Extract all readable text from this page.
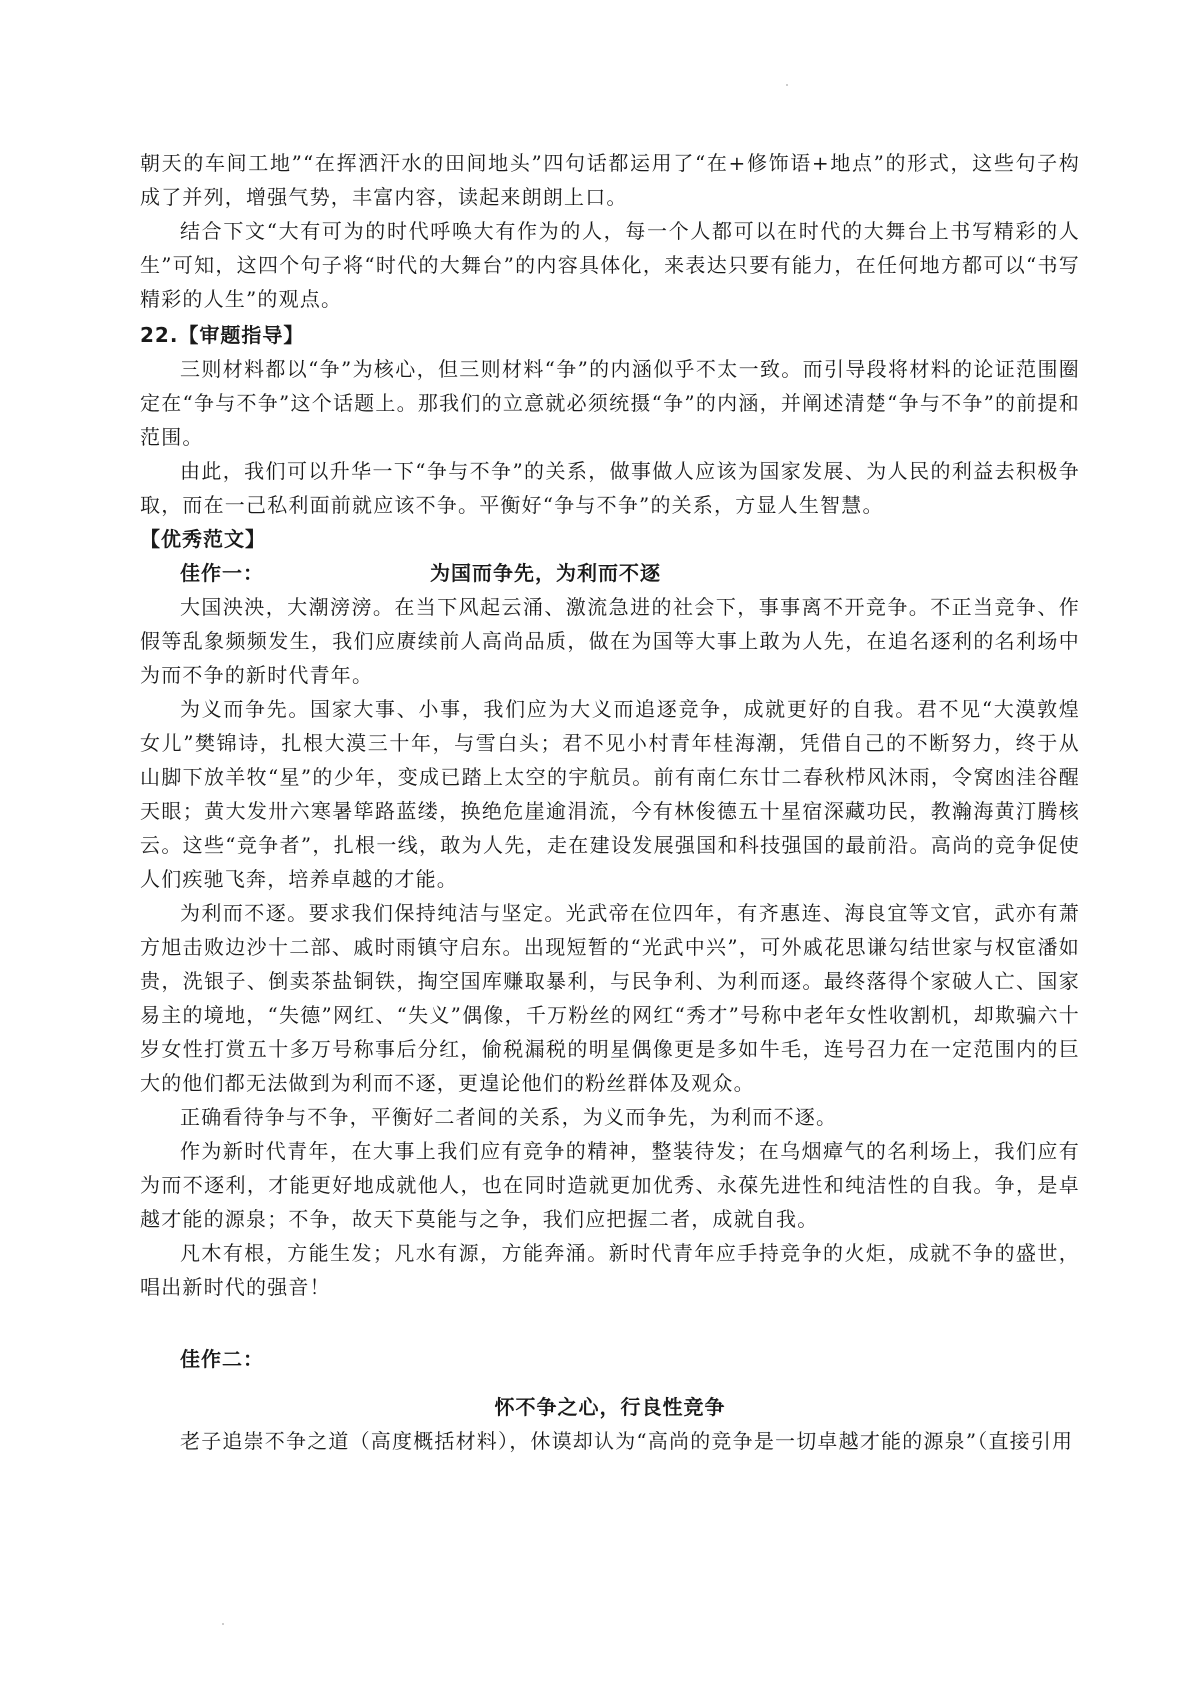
朝天的车间工地”“在挥洒汗水的田间地头”四句话都运用了“在+修饰语+地点”的形式，这些句子构成了并列，增强气势，丰富内容，读起来朗朗上口。

结合下文“大有可为的时代呼唤大有作为的人，每一个人都可以在时代的大舞台上书写精彩的人生”可知，这四个句子将“时代的大舞台”的内容具体化，来表达只要有能力，在任何地方都可以“书写精彩的人生”的观点。

22.【审题指导】

三则材料都以“争”为核心，但三则材料“争”的内涵似乎不太一致。而引导段将材料的论证范围圈定在“争与不争”这个话题上。那我们的立意就必须统摄“争”的内涵，并阐述清楚“争与不争”的前提和范围。

由此，我们可以升华一下“争与不争”的关系，做事做人应该为国家发展、为人民的利益去积极争取，而在一己私利面前就应该不争。平衡好“争与不争”的关系，方显人生智慧。

【优秀范文】
佳作一：	为国而争先，为利而不逐

大国泱泱，大潮滂滂。在当下风起云涌、激流急进的社会下，事事离不开竞争。不正当竞争、作假等乱象频频发生，我们应赓续前人高尚品质，做在为国等大事上敢为人先，在追名逐利的名利场中为而不争的新时代青年。

为义而争先。国家大事、小事，我们应为大义而追逐竞争，成就更好的自我。君不见“大漠敦煌女儿”樊锦诗，扎根大漠三十年，与雪白头；君不见小村青年桂海潮，凭借自己的不断努力，终于从山脚下放羊牧“星”的少年，变成已踏上太空的宇航员。前有南仁东廿二春秋栉风沐雨，令窝凼洼谷醒天眼；黄大发卅六寒暑筚路蓝缕，换绝危崖逾涓流，今有林俊德五十星宿深藏功民，教瀚海黄汀腾核云。这些“竞争者”，扎根一线，敢为人先，走在建设发展强国和科技强国的最前沿。高尚的竞争促使人们疾驰飞奔，培养卓越的才能。

为利而不逐。要求我们保持纯洁与坚定。光武帝在位四年，有齐惠连、海良宜等文官，武亦有萧方旭击败边沙十二部、戚时雨镇守启东。出现短暂的“光武中兴”，可外戚花思谦勾结世家与权宦潘如贵，洗银子、倒卖茶盐铜铁，掏空国库赚取暴利，与民争利、为利而逐。最终落得个家破人亡、国家易主的境地，“失德”网红、“失义”偶像，千万粉丝的网红“秀才”号称中老年女性收割机，却欺骗六十岁女性打赏五十多万号称事后分红，偷税漏税的明星偶像更是多如牛毛，连号召力在一定范围内的巨大的他们都无法做到为利而不逐，更遑论他们的粉丝群体及观众。

正确看待争与不争，平衡好二者间的关系，为义而争先，为利而不逐。

作为新时代青年，在大事上我们应有竞争的精神，整装待发；在乌烟瘴气的名利场上，我们应有为而不逐利，才能更好地成就他人，也在同时造就更加优秀、永葆先进性和纯洁性的自我。争，是卓越才能的源泉；不争，故天下莫能与之争，我们应把握二者，成就自我。

凡木有根，方能生发；凡水有源，方能奔涌。新时代青年应手持竞争的火炬，成就不争的盛世，唱出新时代的强音！

佳作二：
怀不争之心，行良性竞争

老子追崇不争之道（高度概括材料），休谟却认为“高尚的竞争是一切卓越才能的源泉”（直接引用
